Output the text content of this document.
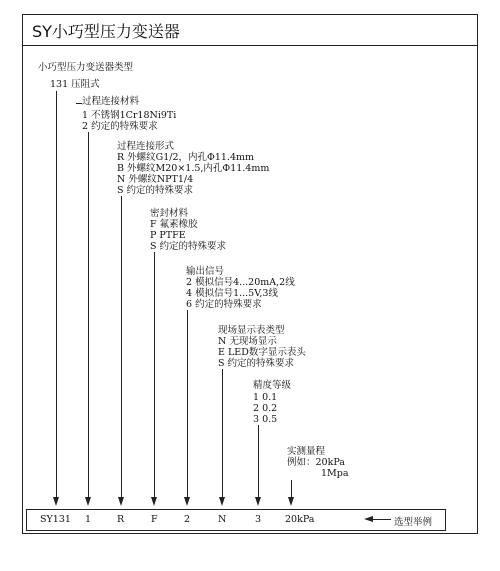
SY小巧型压力变送器
小巧型压力变送器类型
131 压阻式
过程连接材料
1 不锈钢1Cr18Ni9Ti
2 约定的特殊要求
过程连接形式
R 外螺纹G1/2，内孔Φ11.4mm
B 外螺纹M20×1.5,内孔Φ11.4mm
N 外螺纹NPT1/4
S 约定的特殊要求
密封材料
F 氟素橡胶
P PTFE
S 约定的特殊要求
输出信号
2 模拟信号4...20mA,2线
4 模拟信号1...5V,3线
6 约定的特殊要求
现场显示表类型
N 无现场显示
E LED数字显示表头
S 约定的特殊要求
精度等级
1 0.1
2 0.2
3 0.5
实测量程
例如：20kPa
1Mpa
SY131 1	R	F	2	N	3	20kPa	选型举例
